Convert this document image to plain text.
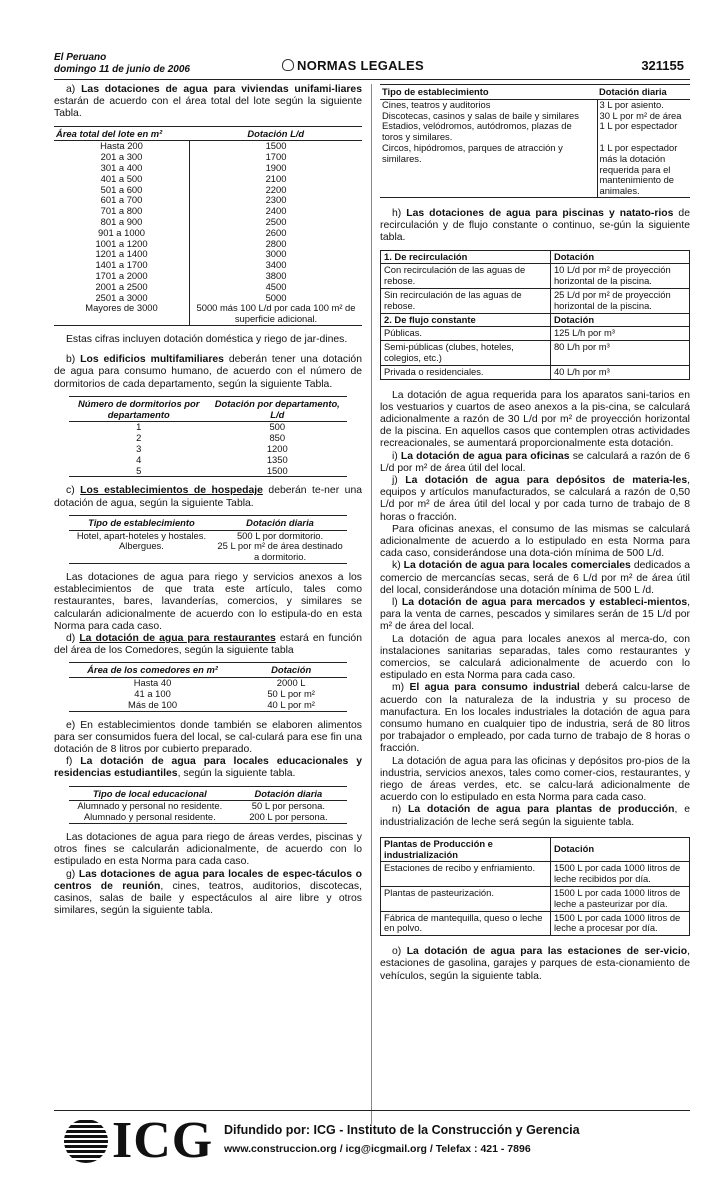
El Peruano
domingo 11 de junio de 2006	NORMAS LEGALES	321155

a) Las dotaciones de agua para viviendas unifami-liares estarán de acuerdo con el área total del lote según la siguiente Tabla.

Área total del lote en m²	Dotación L/d
Hasta 200	1500
201 a 300	1700
301 a 400	1900
401 a 500	2100
501 a 600	2200
601 a 700	2300
701 a 800	2400
801 a 900	2500
901 a 1000	2600
1001 a 1200	2800
1201 a 1400	3000
1401 a 1700	3400
1701 a 2000	3800
2001 a 2500	4500
2501 a 3000	5000
Mayores de 3000	5000 más 100 L/d por cada 100 m² de superficie adicional.

Estas cifras incluyen dotación doméstica y riego de jar-dines.

b) Los edificios multifamiliares deberán tener una dotación de agua para consumo humano, de acuerdo con el número de dormitorios de cada departamento, según la siguiente Tabla.

Número de dormitorios por departamento	Dotación por departamento, L/d
1	500
2	850
3	1200
4	1350
5	1500

c) Los establecimientos de hospedaje deberán te-ner una dotación de agua, según la siguiente Tabla.

Tipo de establecimiento	Dotación diaria
Hotel, apart-hoteles y hostales.	500 L por dormitorio.
Albergues.	25 L por m² de área destinado a dormitorio.

Las dotaciones de agua para riego y servicios anexos a los establecimientos de que trata este artículo, tales como restaurantes, bares, lavanderías, comercios, y similares se calcularán adicionalmente de acuerdo con lo estipula-do en esta Norma para cada caso.

d) La dotación de agua para restaurantes estará en función del área de los Comedores, según la siguiente tabla

Área de los comedores en m²	Dotación
Hasta 40	2000 L
41 a 100	50 L por m²
Más de 100	40 L por m²

e) En establecimientos donde también se elaboren alimentos para ser consumidos fuera del local, se cal-culará para ese fin una dotación de 8 litros por cubierto preparado.

f) La dotación de agua para locales educacionales y residencias estudiantiles, según la siguiente tabla.

Tipo de local educacional	Dotación diaria
Alumnado y personal no residente.	50 L por persona.
Alumnado y personal residente.	200 L por persona.

Las dotaciones de agua para riego de áreas verdes, piscinas y otros fines se calcularán adicionalmente, de acuerdo con lo estipulado en esta Norma para cada caso.

g) Las dotaciones de agua para locales de espec-táculos o centros de reunión, cines, teatros, auditorios, discotecas, casinos, salas de baile y espectáculos al aire libre y otros similares, según la siguiente tabla.

Tipo de establecimiento	Dotación diaria
Cines, teatros y auditorios	3 L por asiento.
Discotecas, casinos y salas de baile y similares	30 L por m² de área
Estadios, velódromos, autódromos, plazas de toros y similares.	1 L por espectador
Circos, hipódromos, parques de atracción y similares.	1 L por espectador más la dotación requerida para el mantenimiento de animales.

h) Las dotaciones de agua para piscinas y natato-rios de recirculación y de flujo constante o continuo, se-gún la siguiente tabla.

1. De recirculación	Dotación
Con recirculación de las aguas de rebose.	10 L/d por m² de proyección horizontal de la piscina.
Sin recirculación de las aguas de rebose.	25 L/d por m² de proyección horizontal de la piscina.
2. De flujo constante	Dotación
Públicas.	125 L/h por m³
Semi-públicas (clubes, hoteles, colegios, etc.)	80 L/h por m³
Privada o residenciales.	40 L/h por m³

La dotación de agua requerida para los aparatos sani-tarios en los vestuarios y cuartos de aseo anexos a la pis-cina, se calculará adicionalmente a razón de 30 L/d por m² de proyección horizontal de la piscina. En aquellos casos que contemplen otras actividades recreacionales, se aumentará proporcionalmente esta dotación.

i) La dotación de agua para oficinas se calculará a razón de 6 L/d por m² de área útil del local.

j) La dotación de agua para depósitos de materia-les, equipos y artículos manufacturados, se calculará a razón de 0,50 L/d por m² de área útil del local y por cada turno de trabajo de 8 horas o fracción.

Para oficinas anexas, el consumo de las mismas se calculará adicionalmente de acuerdo a lo estipulado en esta Norma para cada caso, considerándose una dota-ción mínima de 500 L/d.

k) La dotación de agua para locales comerciales dedicados a comercio de mercancías secas, será de 6 L/d por m² de área útil del local, considerándose una dotación mínima de 500 L /d.

l) La dotación de agua para mercados y estableci-mientos, para la venta de carnes, pescados y similares serán de 15 L/d por m² de área del local.

La dotación de agua para locales anexos al merca-do, con instalaciones sanitarias separadas, tales como restaurantes y comercios, se calculará adicionalmente de acuerdo con lo estipulado en esta Norma para cada caso.

m) El agua para consumo industrial deberá calcu-larse de acuerdo con la naturaleza de la industria y su proceso de manufactura. En los locales industriales la dotación de agua para consumo humano en cualquier tipo de industria, será de 80 litros por trabajador o empleado, por cada turno de trabajo de 8 horas o fracción.

La dotación de agua para las oficinas y depósitos pro-pios de la industria, servicios anexos, tales como comer-cios, restaurantes, y riego de áreas verdes, etc. se calcu-lará adicionalmente de acuerdo con lo estipulado en esta Norma para cada caso.

n) La dotación de agua para plantas de producción, e industrialización de leche será según la siguiente tabla.

Plantas de Producción e industrialización	Dotación
Estaciones de recibo y enfriamiento.	1500 L por cada 1000 litros de leche recibidos por día.
Plantas de pasteurización.	1500 L por cada 1000 litros de leche a pasteurizar por día.
Fábrica de mantequilla, queso o leche en polvo.	1500 L por cada 1000 litros de leche a procesar por día.

o) La dotación de agua para las estaciones de ser-vicio, estaciones de gasolina, garajes y parques de esta-cionamiento de vehículos, según la siguiente tabla.

ICG Difundido por: ICG - Instituto de la Construcción y Gerencia
www.construccion.org / icg@icgmail.org / Telefax : 421 - 7896
